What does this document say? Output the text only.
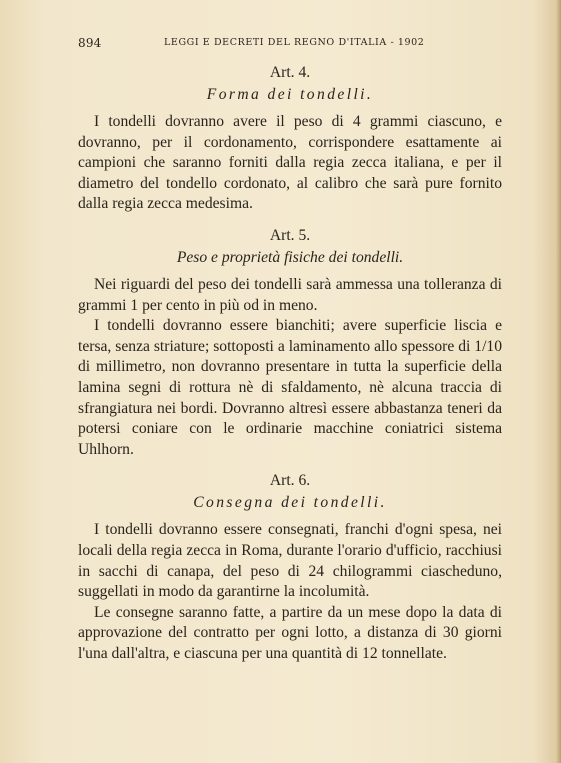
894	LEGGI E DECRETI DEL REGNO D'ITALIA - 1902

Art. 4.

Forma dei tondelli.

I tondelli dovranno avere il peso di 4 grammi ciascuno, e dovranno, per il cordonamento, corrispondere esattamente ai campioni che saranno forniti dalla regia zecca italiana, e per il diametro del tondello cordonato, al calibro che sarà pure fornito dalla regia zecca medesima.

Art. 5.

Peso e proprietà fisiche dei tondelli.

Nei riguardi del peso dei tondelli sarà ammessa una tolleranza di grammi 1 per cento in più od in meno.

I tondelli dovranno essere bianchiti; avere superficie liscia e tersa, senza striature; sottoposti a laminamento allo spessore di 1/10 di millimetro, non dovranno presentare in tutta la superficie della lamina segni di rottura nè di sfaldamento, nè alcuna traccia di sfrangiatura nei bordi. Dovranno altresì essere abbastanza teneri da potersi coniare con le ordinarie macchine coniatrici sistema Uhlhorn.

Art. 6.

Consegna dei tondelli.

I tondelli dovranno essere consegnati, franchi d'ogni spesa, nei locali della regia zecca in Roma, durante l'orario d'ufficio, racchiusi in sacchi di canapa, del peso di 24 chilogrammi ciascheduno, suggellati in modo da garantirne la incolumità.

Le consegne saranno fatte, a partire da un mese dopo la data di approvazione del contratto per ogni lotto, a distanza di 30 giorni l'una dall'altra, e ciascuna per una quantità di 12 tonnellate.
